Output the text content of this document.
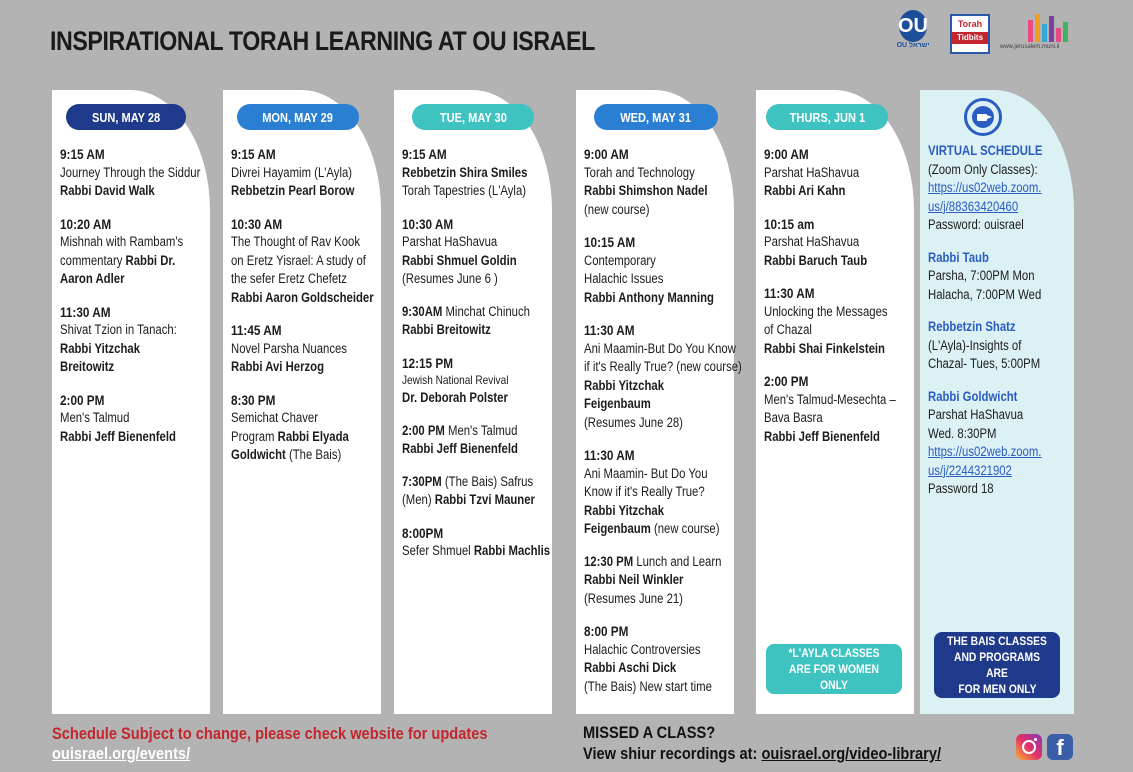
INSPIRATIONAL TORAH LEARNING AT OU ISRAEL
OU
OU ישראל
Torah
Tidbits
www.jerusalem.muni.il
SUN, MAY 28
9:15 AM
Journey Through the Siddur
Rabbi David Walk
10:20 AM
Mishnah with Rambam's
commentary Rabbi Dr.
Aaron Adler
11:30 AM
Shivat Tzion in Tanach:
Rabbi Yitzchak
Breitowitz
2:00 PM
Men's Talmud
Rabbi Jeff Bienenfeld
MON, MAY 29
9:15 AM
Divrei Hayamim (L'Ayla)
Rebbetzin Pearl Borow
10:30 AM
The Thought of Rav Kook
on Eretz Yisrael: A study of
the sefer Eretz Chefetz
Rabbi Aaron Goldscheider
11:45 AM
Novel Parsha Nuances
Rabbi Avi Herzog
8:30 PM
Semichat Chaver
Program Rabbi Elyada
Goldwicht (The Bais)
TUE, MAY 30
9:15 AM
Rebbetzin Shira Smiles
Torah Tapestries (L'Ayla)
10:30 AM
Parshat HaShavua
Rabbi Shmuel Goldin
(Resumes June 6 )
9:30AM Minchat Chinuch
Rabbi Breitowitz
12:15 PM
Jewish National Revival
Dr. Deborah Polster
2:00 PM Men's Talmud
Rabbi Jeff Bienenfeld
7:30PM (The Bais) Safrus
(Men) Rabbi Tzvi Mauner
8:00PM
Sefer Shmuel Rabbi Machlis
WED, MAY 31
9:00 AM
Torah and Technology
Rabbi Shimshon Nadel
(new course)
10:15 AM
Contemporary
Halachic Issues
Rabbi Anthony Manning
11:30 AM
Ani Maamin-But Do You Know
if it's Really True? (new course)
Rabbi Yitzchak
Feigenbaum
(Resumes June 28)
11:30 AM
Ani Maamin- But Do You
Know if it's Really True?
Rabbi Yitzchak
Feigenbaum (new course)
12:30 PM Lunch and Learn
Rabbi Neil Winkler
(Resumes June 21)
8:00 PM
Halachic Controversies
Rabbi Aschi Dick
(The Bais) New start time
THURS, JUN 1
9:00 AM
Parshat HaShavua
Rabbi Ari Kahn
10:15 am
Parshat HaShavua
Rabbi Baruch Taub
11:30 AM
Unlocking the Messages
of Chazal
Rabbi Shai Finkelstein
2:00 PM
Men's Talmud-Mesechta –
Bava Basra
Rabbi Jeff Bienenfeld
*L'AYLA CLASSES
ARE FOR WOMEN ONLY
VIRTUAL SCHEDULE
(Zoom Only Classes):
https://us02web.zoom.
us/j/88363420460
Password: ouisrael
Rabbi Taub
Parsha, 7:00PM Mon
Halacha, 7:00PM Wed
Rebbetzin Shatz
(L'Ayla)-Insights of
Chazal- Tues, 5:00PM
Rabbi Goldwicht
Parshat HaShavua
Wed. 8:30PM
https://us02web.zoom.
us/j/2244321902
Password 18
THE BAIS CLASSES
AND PROGRAMS ARE
FOR MEN ONLY
Schedule Subject to change, please check website for updates
ouisrael.org/events/
MISSED A CLASS?
View shiur recordings at: ouisrael.org/video-library/	f
